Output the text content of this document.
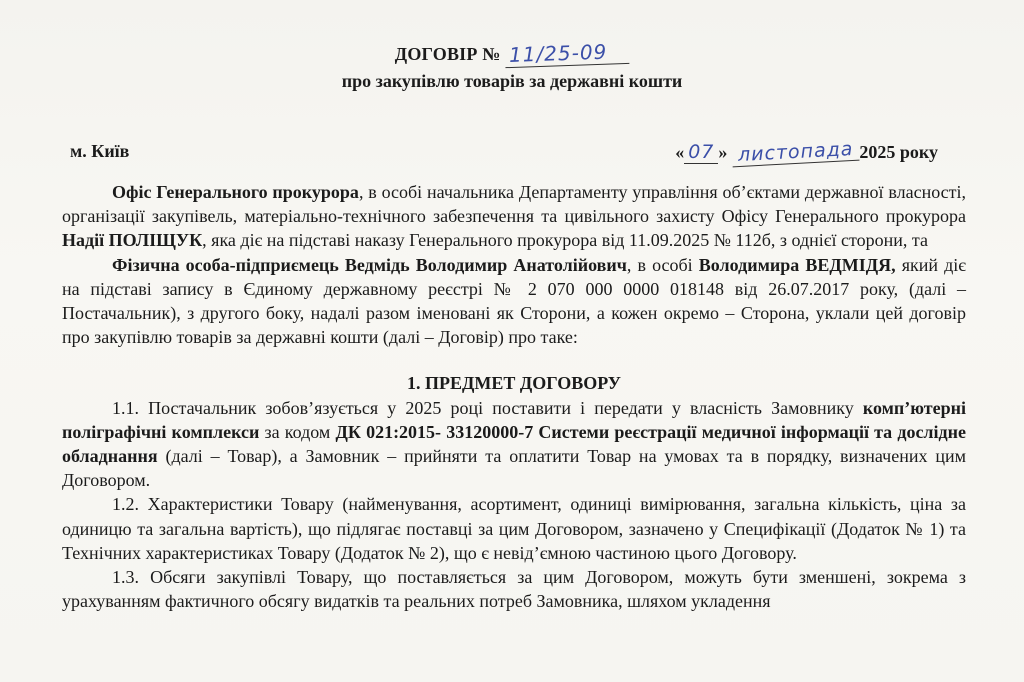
ДОГОВІР № 11/25-09
про закупівлю товарів за державні кошти
м. Київ	« 07 » листопада 2025 року

Офіс Генерального прокурора, в особі начальника Департаменту управління об’єктами державної власності, організації закупівель, матеріально-технічного забезпечення та цивільного захисту Офісу Генерального прокурора Надії ПОЛІЩУК, яка діє на підставі наказу Генерального прокурора від 11.09.2025 № 112б, з однієї сторони, та

Фізична особа-підприємець Ведмідь Володимир Анатолійович, в особі Володимира ВЕДМІДЯ, який діє на підставі запису в Єдиному державному реєстрі № 2 070 000 0000 018148 від 26.07.2017 року, (далі – Постачальник), з другого боку, надалі разом іменовані як Сторони, а кожен окремо – Сторона, уклали цей договір про закупівлю товарів за державні кошти (далі – Договір) про таке:

1. ПРЕДМЕТ ДОГОВОРУ

1.1. Постачальник зобов’язується у 2025 році поставити і передати у власність Замовнику комп’ютерні поліграфічні комплекси за кодом ДК 021:2015- 33120000-7 Системи реєстрації медичної інформації та дослідне обладнання (далі – Товар), а Замовник – прийняти та оплатити Товар на умовах та в порядку, визначених цим Договором.

1.2. Характеристики Товару (найменування, асортимент, одиниці вимірювання, загальна кількість, ціна за одиницю та загальна вартість), що підлягає поставці за цим Договором, зазначено у Специфікації (Додаток № 1) та Технічних характеристиках Товару (Додаток № 2), що є невід’ємною частиною цього Договору.

1.3. Обсяги закупівлі Товару, що поставляється за цим Договором, можуть бути зменшені, зокрема з урахуванням фактичного обсягу видатків та реальних потреб Замовника, шляхом укладення
